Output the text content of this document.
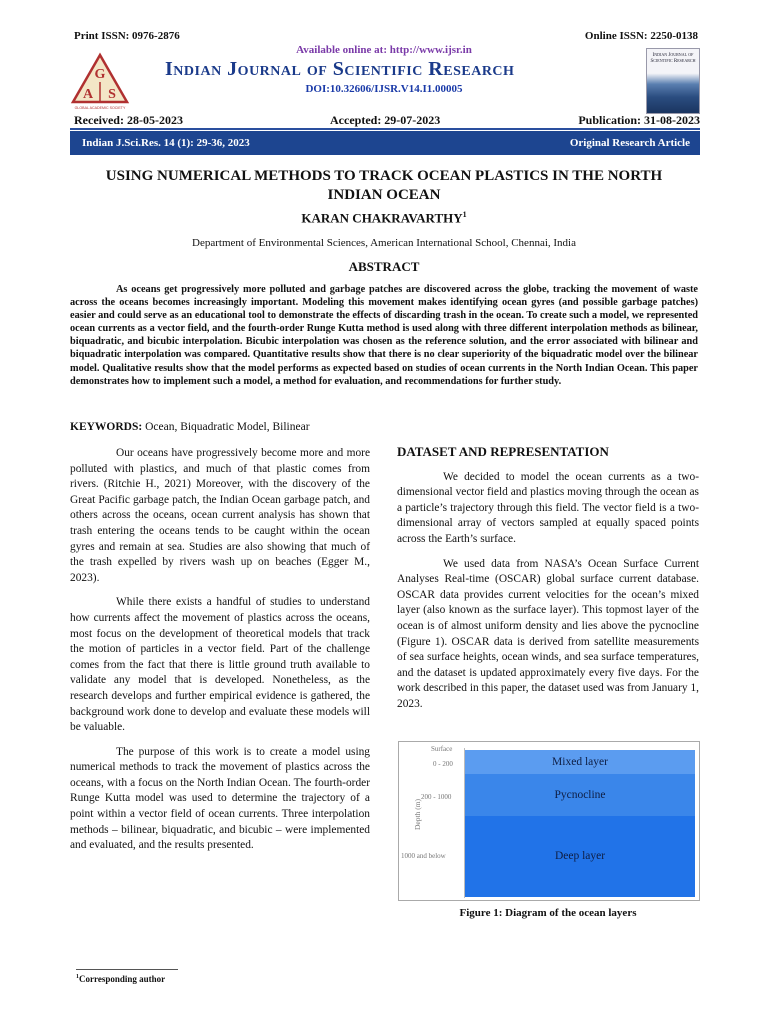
Print ISSN: 0976-2876	Online ISSN: 2250-0138
Available online at: http://www.ijsr.in
G
A S
GLOBAL ACADEMIC SOCIETY
Indian Journal of Scientific Research
DOI:10.32606/IJSR.V14.I1.00005
Indian Journal of Scientific Research
Received: 28-05-2023	Accepted: 29-07-2023	Publication: 31-08-2023
Indian J.Sci.Res. 14 (1): 29-36, 2023	Original Research Article
USING NUMERICAL METHODS TO TRACK OCEAN PLASTICS IN THE NORTH
INDIAN OCEAN
KARAN CHAKRAVARTHY$^1$
Department of Environmental Sciences, American International School, Chennai, India
ABSTRACT

As oceans get progressively more polluted and garbage patches are discovered across the globe, tracking the movement of waste across the oceans becomes increasingly important. Modeling this movement makes identifying ocean gyres (and possible garbage patches) easier and could serve as an educational tool to demonstrate the effects of discarding trash in the ocean. To create such a model, we represented ocean currents as a vector field, and the fourth-order Runge Kutta method is used along with three different interpolation methods as bilinear, biquadratic, and bicubic interpolation. Bicubic interpolation was chosen as the reference solution, and the error associated with bilinear and biquadratic interpolation was compared. Quantitative results show that there is no clear superiority of the biquadratic model over the bilinear model. Qualitative results show that the model performs as expected based on studies of ocean currents in the North Indian Ocean. This paper demonstrates how to implement such a model, a method for evaluation, and recommendations for further study.

KEYWORDS: Ocean, Biquadratic Model, Bilinear

Our oceans have progressively become more and more polluted with plastics, and much of that plastic comes from rivers. (Ritchie H., 2021) Moreover, with the discovery of the Great Pacific garbage patch, the Indian Ocean garbage patch, and others across the oceans, ocean current analysis has shown that trash entering the oceans tends to be caught within the ocean gyres and remain at sea. Studies are also showing that much of the trash expelled by rivers wash up on beaches (Egger M., 2023).

While there exists a handful of studies to understand how currents affect the movement of plastics across the oceans, most focus on the development of theoretical models that track the motion of particles in a vector field. Part of the challenge comes from the fact that there is little ground truth available to validate any model that is developed. Nonetheless, as the research develops and further empirical evidence is gathered, the background work done to develop and evaluate these models will be valuable.

The purpose of this work is to create a model using numerical methods to track the movement of plastics across the oceans, with a focus on the North Indian Ocean. The fourth-order Runge Kutta model was used to determine the trajectory of a point within a vector field of ocean currents. Three interpolation methods – bilinear, biquadratic, and bicubic – were implemented and evaluated, and the results presented.

DATASET AND REPRESENTATION

We decided to model the ocean currents as a two-dimensional vector field and plastics moving through the ocean as a particle’s trajectory through this field. The vector field is a two-dimensional array of vectors sampled at equally spaced points across the Earth’s surface.

We used data from NASA’s Ocean Surface Current Analyses Real-time (OSCAR) global surface current database. OSCAR data provides current velocities for the ocean’s mixed layer (also known as the surface layer). This topmost layer of the ocean is of almost uniform density and lies above the pycnocline (Figure 1). OSCAR data is derived from satellite measurements of sea surface heights, ocean winds, and sea surface temperatures, and the dataset is updated approximately every five days. For the work described in this paper, the dataset used was from January 1, 2023.

Surface
0 - 200
200 - 1000
1000 and below
Depth (m)
Mixed layer
Pycnocline
Deep layer
Figure 1: Diagram of the ocean layers
$^1$Corresponding author
